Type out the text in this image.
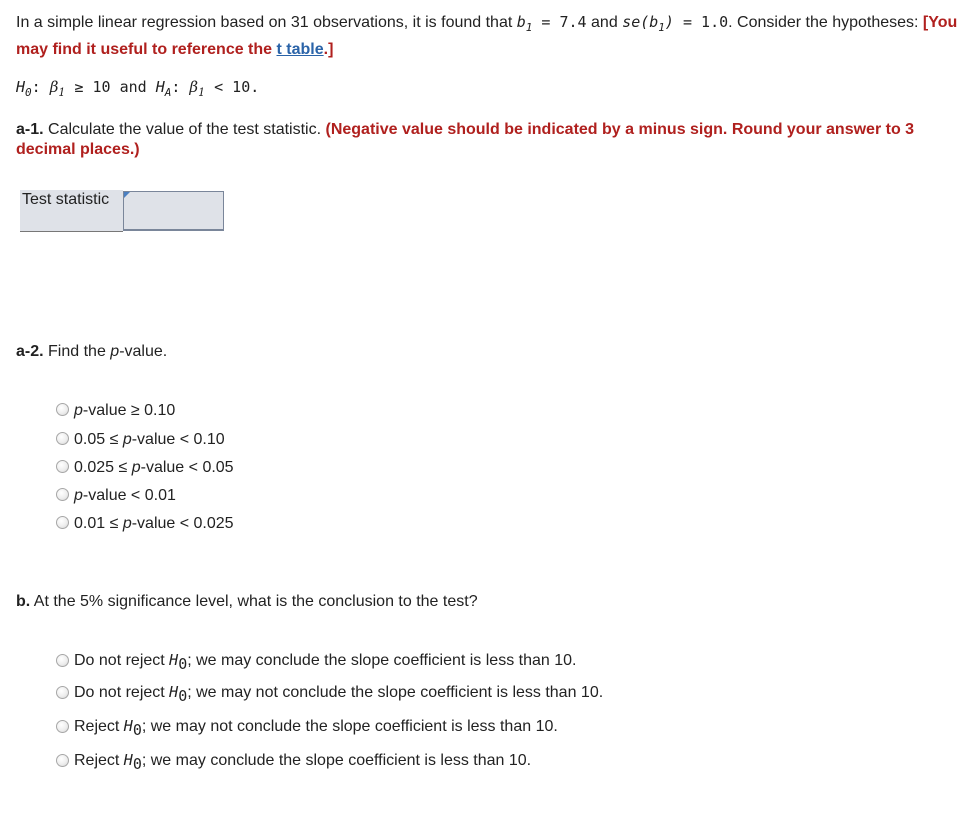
In a simple linear regression based on 31 observations, it is found that $b_1 = 7.4$ and $se(b_1) = 1.0$. Consider the hypotheses: [You may find it useful to reference the t table.]
$H_0$: $\beta_1 \ge 10$ and $H_A$: $\beta_1 < 10$.
a-1. Calculate the value of the test statistic. (Negative value should be indicated by a minus sign. Round your answer to 3 decimal places.)
Test statistic	
a-2. Find the p-value.
p-value ≥ 0.10
0.05 ≤ p-value < 0.10
0.025 ≤ p-value < 0.05
p-value < 0.01
0.01 ≤ p-value < 0.025
b. At the 5% significance level, what is the conclusion to the test?
Do not reject $H_0$; we may conclude the slope coefficient is less than 10.
Do not reject $H_0$; we may not conclude the slope coefficient is less than 10.
Reject $H_0$; we may not conclude the slope coefficient is less than 10.
Reject $H_0$; we may conclude the slope coefficient is less than 10.
